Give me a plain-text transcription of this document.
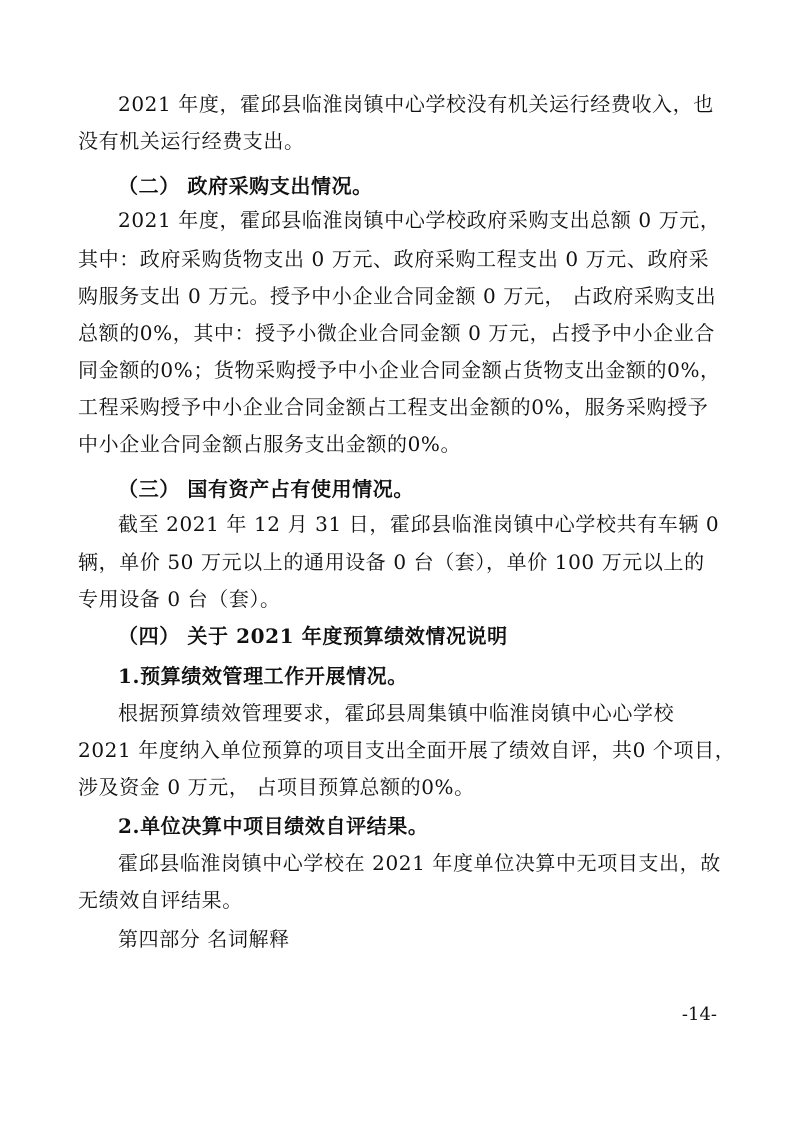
2021 年度，霍邱县临淮岗镇中心学校没有机关运行经费收入，也
没有机关运行经费支出。
（二） 政府采购支出情况。
2021 年度，霍邱县临淮岗镇中心学校政府采购支出总额 0 万元，
其中：政府采购货物支出 0 万元、政府采购工程支出 0 万元、政府采
购服务支出 0 万元。授予中小企业合同金额 0 万元， 占政府采购支出
总额的0%，其中：授予小微企业合同金额 0 万元，占授予中小企业合
同金额的0%；货物采购授予中小企业合同金额占货物支出金额的0%，
工程采购授予中小企业合同金额占工程支出金额的0%，服务采购授予
中小企业合同金额占服务支出金额的0%。
（三） 国有资产占有使用情况。
截至 2021 年 12 月 31 日，霍邱县临淮岗镇中心学校共有车辆 0
辆，单价 50 万元以上的通用设备 0 台（套），单价 100 万元以上的
专用设备 0 台（套）。
（四） 关于 2021 年度预算绩效情况说明
1.预算绩效管理工作开展情况。
根据预算绩效管理要求，霍邱县周集镇中临淮岗镇中心心学校
2021 年度纳入单位预算的项目支出全面开展了绩效自评，共0 个项目，
涉及资金 0 万元， 占项目预算总额的0%。
2.单位决算中项目绩效自评结果。
霍邱县临淮岗镇中心学校在 2021 年度单位决算中无项目支出，故
无绩效自评结果。
第四部分 名词解释
-14-
